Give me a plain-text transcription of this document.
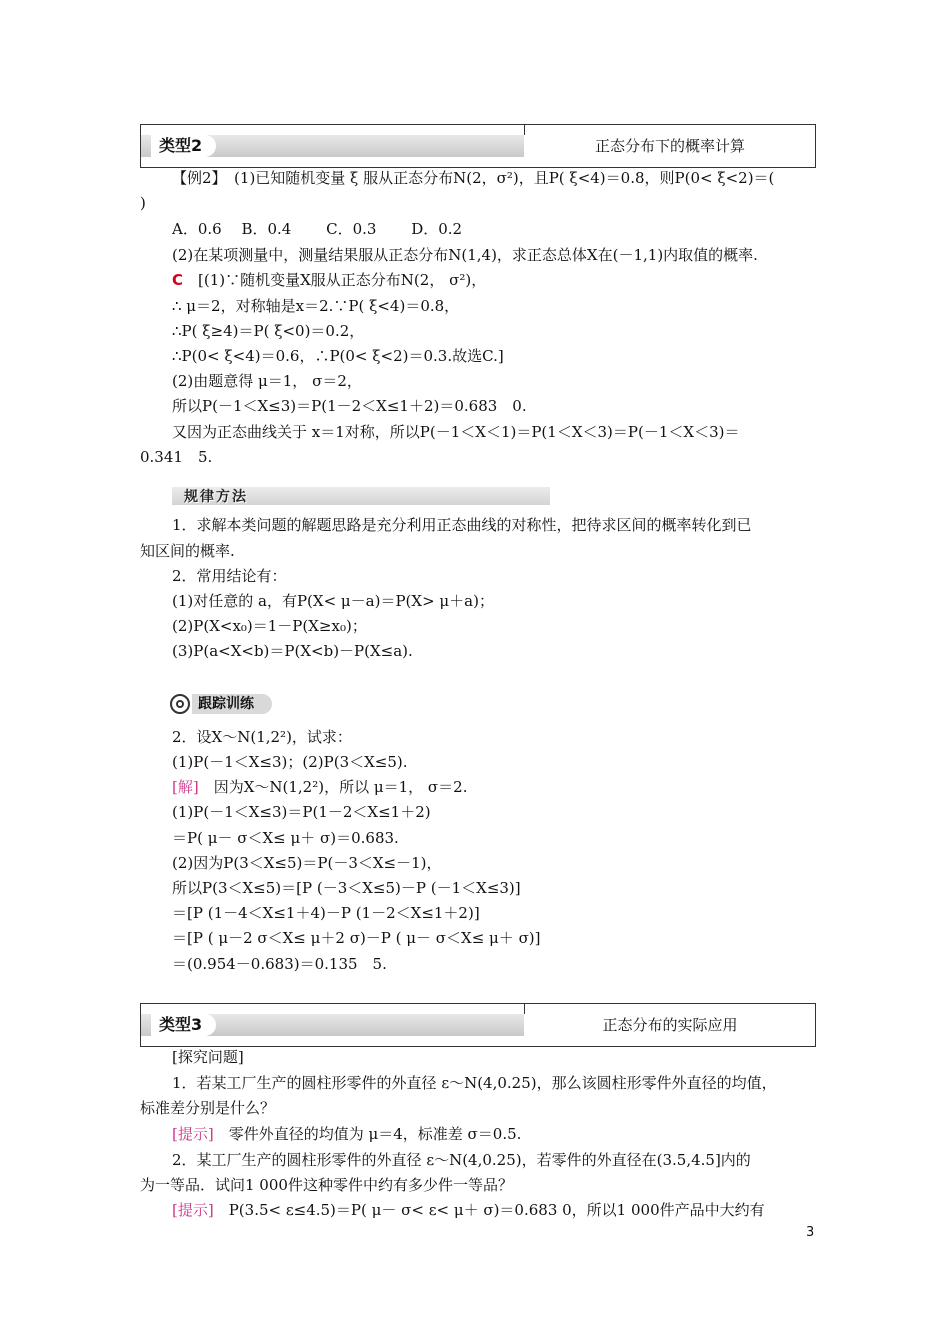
类型2	正态分布下的概率计算
【例2】　(1)已知随机变量 ξ 服从正态分布N(2，σ²)，且P( ξ<4)＝0.8，则P(0< ξ<2)＝(
)
A．0.6　 B．0.4　　 C．0.3　　 D．0.2
(2)在某项测量中，测量结果服从正态分布N(1,4)，求正态总体X在(－1,1)内取值的概率.
C　[(1)∵随机变量X服从正态分布N(2， σ²)，
∴ μ＝2，对称轴是x＝2.∵P( ξ<4)＝0.8，
∴P( ξ≥4)＝P( ξ<0)＝0.2，
∴P(0< ξ<4)＝0.6，∴P(0< ξ<2)＝0.3.故选C.]
(2)由题意得 μ＝1， σ＝2，
所以P(－1＜X≤3)＝P(1－2＜X≤1＋2)＝0.683　0.
又因为正态曲线关于 x＝1对称，所以P(－1＜X＜1)＝P(1＜X＜3)＝P(－1＜X＜3)＝
0.341　5.
规律方法
1．求解本类问题的解题思路是充分利用正态曲线的对称性，把待求区间的概率转化到已
知区间的概率.
2．常用结论有：
(1)对任意的 a，有P(X< μ－a)＝P(X> μ＋a)；
(2)P(X<x₀)＝1－P(X≥x₀)；
(3)P(a<X<b)＝P(X<b)－P(X≤a).
跟踪训练
2．设X～N(1,2²)，试求：
(1)P(－1＜X≤3)；(2)P(3＜X≤5).
[解]　因为X～N(1,2²)，所以 μ＝1， σ＝2.
(1)P(－1＜X≤3)＝P(1－2＜X≤1＋2)
＝P( μ－ σ＜X≤ μ＋ σ)＝0.683.
(2)因为P(3＜X≤5)＝P(－3＜X≤－1)，
所以P(3＜X≤5)＝[P (－3＜X≤5)－P (－1＜X≤3)]
＝[P (1－4＜X≤1＋4)－P (1－2＜X≤1＋2)]
＝[P ( μ－2 σ＜X≤ μ＋2 σ)－P ( μ－ σ＜X≤ μ＋ σ)]
＝(0.954－0.683)＝0.135　5.
类型3	正态分布的实际应用
[探究问题]
1．若某工厂生产的圆柱形零件的外直径 ε～N(4,0.25)，那么该圆柱形零件外直径的均值，
标准差分别是什么？
[提示]　零件外直径的均值为 μ＝4，标准差 σ＝0.5.
2．某工厂生产的圆柱形零件的外直径 ε～N(4,0.25)，若零件的外直径在(3.5,4.5]内的
为一等品．试问1 000件这种零件中约有多少件一等品？
[提示]　P(3.5< ε≤4.5)＝P( μ－ σ< ε< μ＋ σ)＝0.683 0，所以1 000件产品中大约有
3
